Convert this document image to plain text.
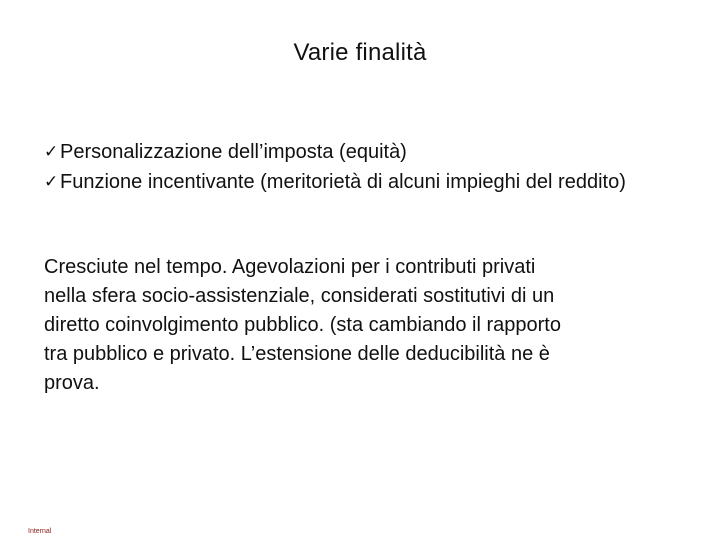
Varie finalità
✓Personalizzazione dell’imposta (equità)
✓Funzione incentivante (meritorietà di alcuni impieghi del reddito)
Cresciute nel tempo. Agevolazioni per i contributi privati
nella sfera socio-assistenziale, considerati sostitutivi di un
diretto coinvolgimento pubblico. (sta cambiando il rapporto
tra pubblico e privato. L’estensione delle deducibilità ne è
prova.
Internal
